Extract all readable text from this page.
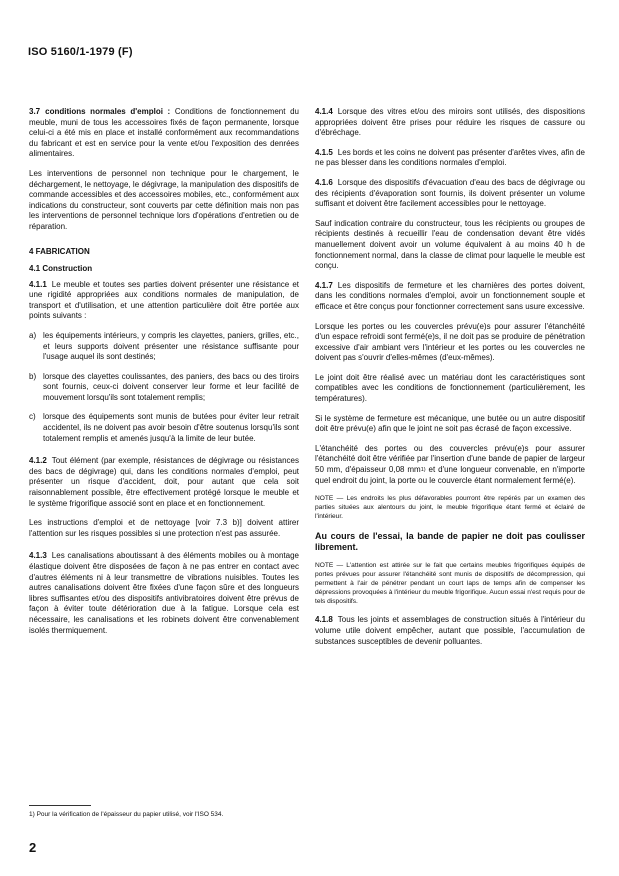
ISO 5160/1-1979 (F)

3.7 conditions normales d'emploi : Conditions de fonctionnement du meuble, muni de tous les accessoires fixés de façon permanente, lorsque celui-ci a été mis en place et installé conformément aux recommandations du fabricant et est en service pour la vente et/ou l'exposition des denrées alimentaires.

Les interventions de personnel non technique pour le chargement, le déchargement, le nettoyage, le dégivrage, la manipulation des dispositifs de commande accessibles et des accessoires mobiles, etc., conformément aux indications du constructeur, sont couverts par cette définition mais non pas les interventions de personnel technique lors d'opérations d'entretien ou de réparation.

4 FABRICATION
4.1 Construction

4.1.1 Le meuble et toutes ses parties doivent présenter une résistance et une rigidité appropriées aux conditions normales de manipulation, de transport et d'utilisation, et une attention particulière doit être portée aux points suivants :

a) les équipements intérieurs, y compris les clayettes, paniers, grilles, etc., et leurs supports doivent présenter une résistance suffisante pour l'usage auquel ils sont destinés;

b) lorsque des clayettes coulissantes, des paniers, des bacs ou des tiroirs sont fournis, ceux-ci doivent conserver leur forme et leur facilité de mouvement lorsqu'ils sont totalement remplis;

c) lorsque des équipements sont munis de butées pour éviter leur retrait accidentel, ils ne doivent pas avoir besoin d'être soutenus lorsqu'ils sont totalement remplis et amenés jusqu'à la limite de leur butée.

4.1.2 Tout élément (par exemple, résistances de dégivrage ou résistances des bacs de dégivrage) qui, dans les conditions normales d'emploi, peut présenter un risque d'accident, doit, pour autant que cela soit raisonnablement possible, être effectivement protégé lorsque le meuble et le système frigorifique associé sont en place et en fonctionnement.

Les instructions d'emploi et de nettoyage [voir 7.3 b)] doivent attirer l'attention sur les risques possibles si une protection n'est pas assurée.

4.1.3 Les canalisations aboutissant à des éléments mobiles ou à montage élastique doivent être disposées de façon à ne pas entrer en contact avec d'autres éléments ni à leur transmettre de vibrations nuisibles. Toutes les autres canalisations doivent être fixées d'une façon sûre et des longueurs libres suffisantes et/ou des dispositifs antivibratoires doivent être prévus de façon à éviter toute détérioration due à la fatigue. Lorsque cela est nécessaire, les canalisations et les robinets doivent être convenablement isolés thermiquement.

4.1.4 Lorsque des vitres et/ou des miroirs sont utilisés, des dispositions appropriées doivent être prises pour réduire les risques de cassure ou d'ébréchage.

4.1.5 Les bords et les coins ne doivent pas présenter d'arêtes vives, afin de ne pas blesser dans les conditions normales d'emploi.

4.1.6 Lorsque des dispositifs d'évacuation d'eau des bacs de dégivrage ou des récipients d'évaporation sont fournis, ils doivent présenter un volume suffisant et doivent être facilement accessibles pour le nettoyage.

Sauf indication contraire du constructeur, tous les récipients ou groupes de récipients destinés à recueillir l'eau de condensation devant être vidés manuellement doivent avoir un volume équivalent à au moins 40 h de fonctionnement normal, dans la classe de climat pour laquelle le meuble est conçu.

4.1.7 Les dispositifs de fermeture et les charnières des portes doivent, dans les conditions normales d'emploi, avoir un fonctionnement souple et efficace et être conçus pour fonctionner correctement sans usure excessive.

Lorsque les portes ou les couvercles prévu(e)s pour assurer l'étanchéité d'un espace refroidi sont fermé(e)s, il ne doit pas se produire de pénétration excessive d'air ambiant vers l'intérieur et les portes ou les couvercles ne doivent pas s'ouvrir d'elles-mêmes (d'eux-mêmes).

Le joint doit être réalisé avec un matériau dont les caractéristiques sont compatibles avec les conditions de fonctionnement (particulièrement, les températures).

Si le système de fermeture est mécanique, une butée ou un autre dispositif doit être prévu(e) afin que le joint ne soit pas écrasé de façon excessive.

L'étanchéité des portes ou des couvercles prévu(e)s pour assurer l'étanchéité doit être vérifiée par l'insertion d'une bande de papier de largeur 50 mm, d'épaisseur 0,08 $mm^{1)}$ et d'une longueur convenable, en n'importe quel endroit du joint, la porte ou le couvercle étant normalement fermé(e).

NOTE — Les endroits les plus défavorables pourront être repérés par un examen des parties situées aux alentours du joint, le meuble frigorifique étant fermé et éclairé de l'intérieur.

Au cours de l'essai, la bande de papier ne doit pas coulisser librement.

NOTE — L'attention est attirée sur le fait que certains meubles frigorifiques équipés de portes prévues pour assurer l'étanchéité sont munis de dispositifs de décompression, qui permettent à l'air de pénétrer pendant un court laps de temps afin de compenser les dépressions provoquées à l'intérieur du meuble frigorifique. Aucun essai n'est requis pour de tels dispositifs.

4.1.8 Tous les joints et assemblages de construction situés à l'intérieur du volume utile doivent empêcher, autant que possible, l'accumulation de substances susceptibles de devenir polluantes.

1) Pour la vérification de l'épaisseur du papier utilisé, voir l'ISO 534.
2
